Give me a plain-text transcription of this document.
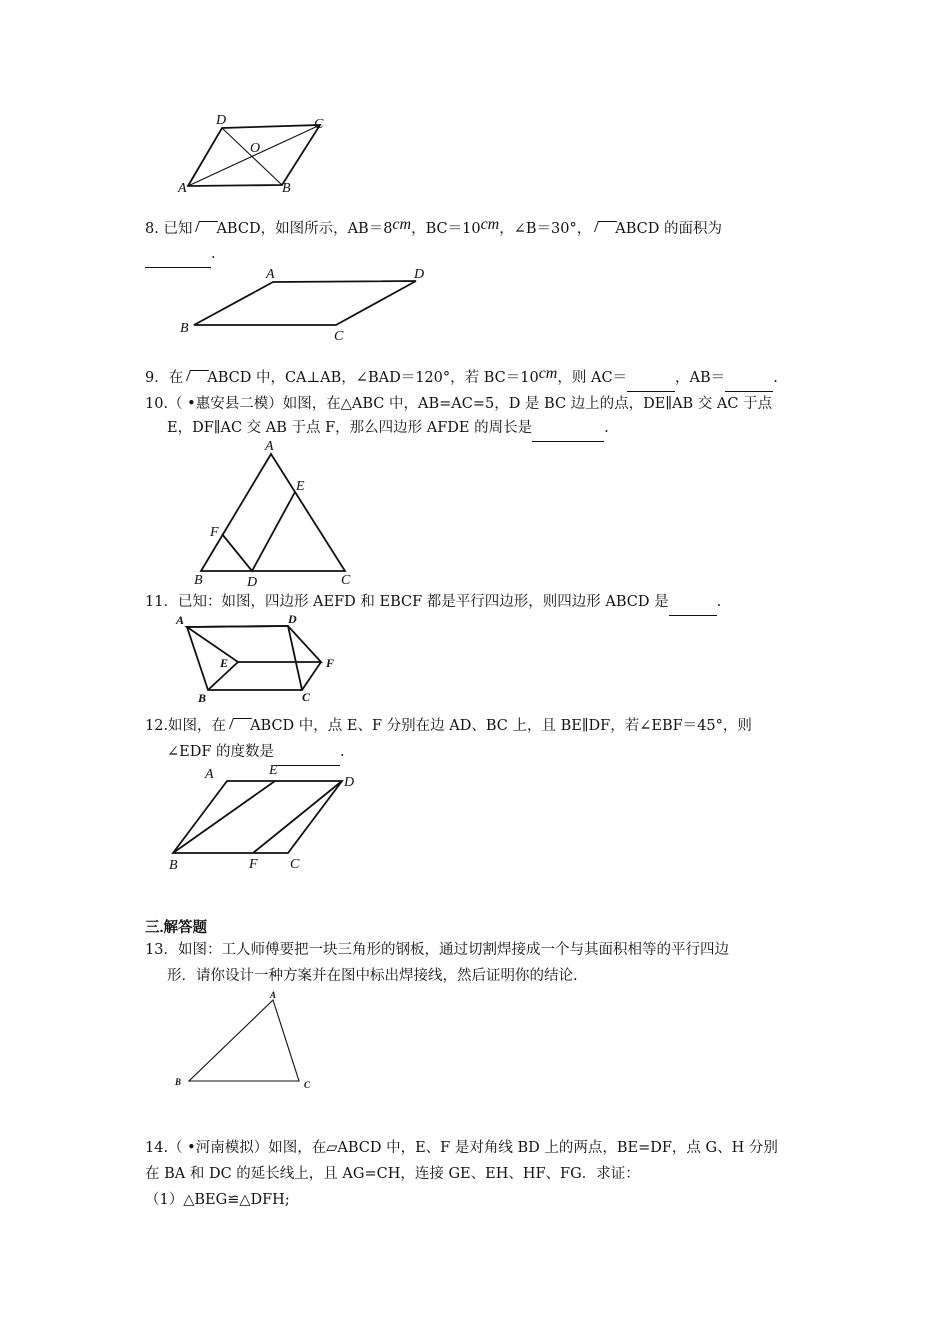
D	C
O
A	B
8. 已知 ABCD，如图所示，AB＝8cm，BC＝10cm，∠B＝30°， ABCD 的面积为
.
A	D
B
C
9．在 ABCD 中，CA⊥AB，∠BAD＝120°，若 BC＝10cm，则 AC＝	，AB＝	.
10.（ •惠安县二模）如图，在△ABC 中，AB=AC=5，D 是 BC 边上的点，DE∥AB 交 AC 于点
E，DF∥AC 交 AB 于点 F，那么四边形 AFDE 的周长是	.
A
E
F
B	D	C
11．已知：如图，四边形 AEFD 和 EBCF 都是平行四边形，则四边形 ABCD 是	.
A	D
E	F
B	C
12.如图，在 ABCD 中，点 E、F 分别在边 AD、BC 上，且 BE∥DF，若∠EBF＝45°，则
∠EDF 的度数是	.
A	E
D
B	F C
三.解答题
13．如图：工人师傅要把一块三角形的钢板，通过切割焊接成一个与其面积相等的平行四边
形．请你设计一种方案并在图中标出焊接线，然后证明你的结论.
A
B	C
14.（ •河南模拟）如图，在▱ABCD 中，E、F 是对角线 BD 上的两点，BE=DF，点 G、H 分别
在 BA 和 DC 的延长线上，且 AG=CH，连接 GE、EH、HF、FG．求证：
（1）△BEG≌△DFH;
